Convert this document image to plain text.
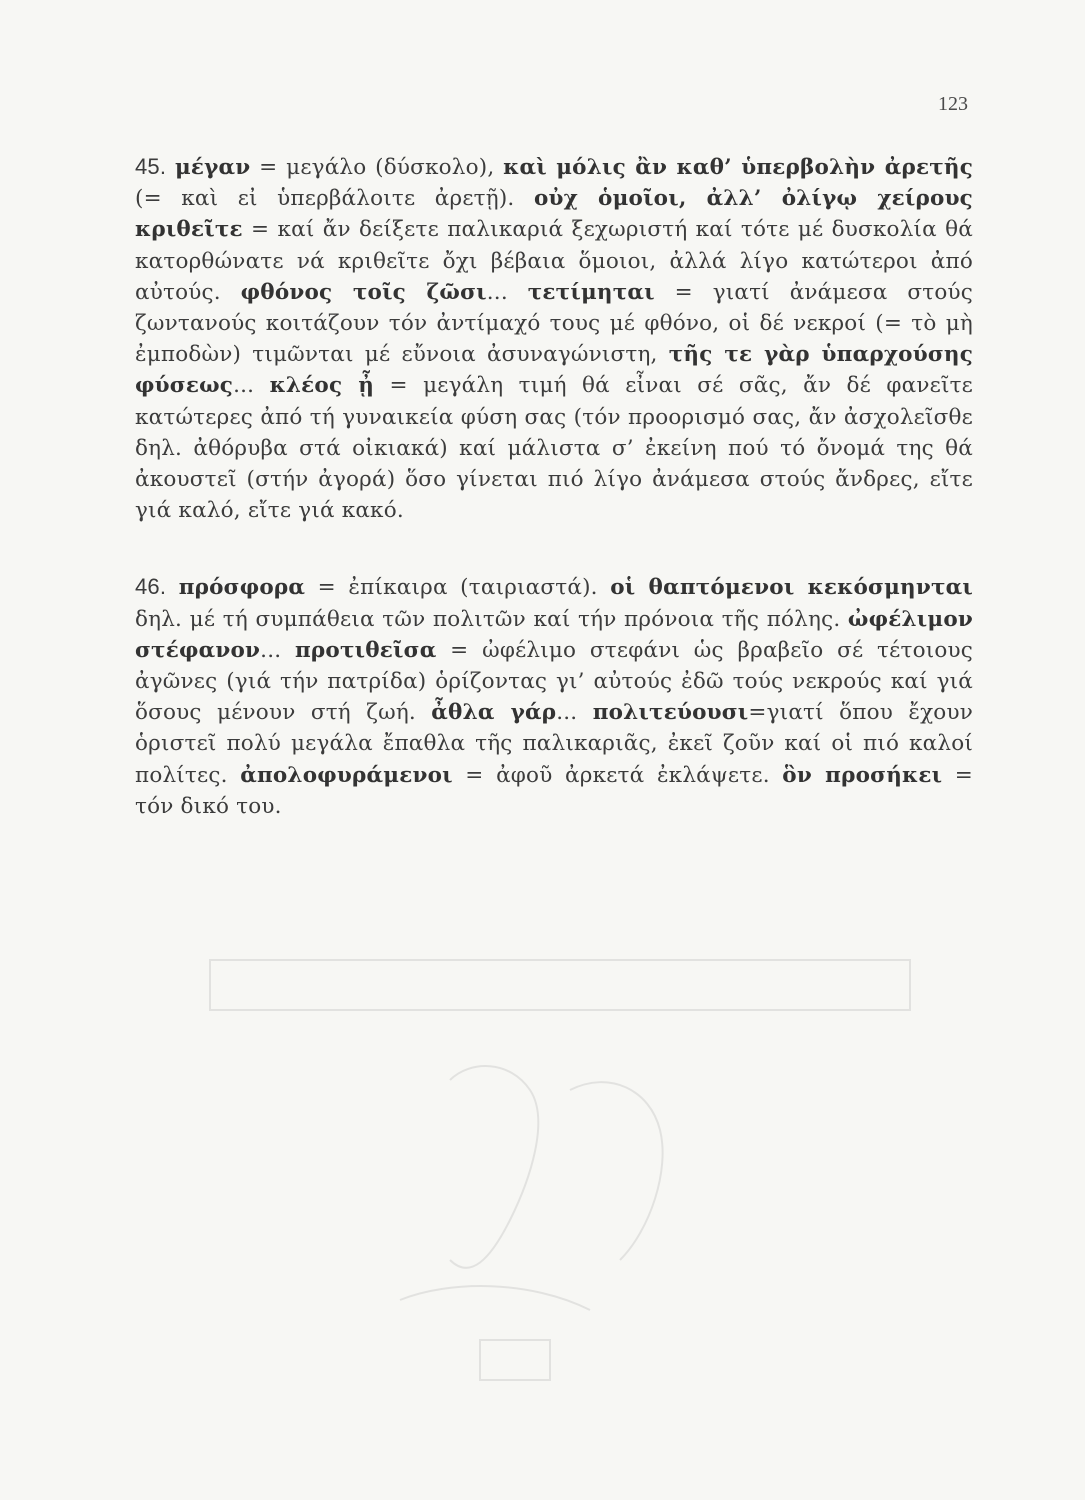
123

45. μέγαν = μεγάλο (δύσκολο), καὶ μόλις ἂν καθ’ ὑπερβολὴν ἀρετῆς (= καὶ εἰ ὑπερβάλοιτε ἀρετῇ). οὐχ ὁμοῖοι, ἀλλ’ ὀλίγῳ χείρους κριθεῖτε = καί ἄν δείξετε παλικαριά ξεχωριστή καί τότε μέ δυσκολία θά κατορθώνατε νά κριθεῖτε ὄχι βέβαια ὅμοιοι, ἀλλά λίγο κατώτεροι ἀπό αὐτούς. φθόνος τοῖς ζῶσι... τετίμηται = γιατί ἀνάμεσα στούς ζωντανούς κοιτάζουν τόν ἀντίμαχό τους μέ φθόνο, οἱ δέ νεκροί (= τὸ μὴ ἐμποδὼν) τιμῶνται μέ εὔνοια ἀσυναγώνιστη, τῆς τε γὰρ ὑπαρχούσης φύσεως... κλέος ᾖ = μεγάλη τιμή θά εἶναι σέ σᾶς, ἄν δέ φανεῖτε κατώτερες ἀπό τή γυναικεία φύση σας (τόν προορισμό σας, ἄν ἀσχολεῖσθε δηλ. ἀθόρυβα στά οἰκιακά) καί μάλιστα σ’ ἐκείνη πού τό ὄνομά της θά ἀκουστεῖ (στήν ἀγορά) ὅσο γίνεται πιό λίγο ἀνάμεσα στούς ἄνδρες, εἴτε γιά καλό, εἴτε γιά κακό.

46. πρόσφορα = ἐπίκαιρα (ταιριαστά). οἱ θαπτόμενοι κεκόσμηνται δηλ. μέ τή συμπάθεια τῶν πολιτῶν καί τήν πρόνοια τῆς πόλης. ὠφέλιμον στέφανον... προτιθεῖσα = ὠφέλιμο στεφάνι ὡς βραβεῖο σέ τέτοιους ἀγῶνες (γιά τήν πατρίδα) ὁρίζοντας γι’ αὐτούς ἐδῶ τούς νεκρούς καί γιά ὅσους μένουν στή ζωή. ἆθλα γάρ... πολιτεύουσι=γιατί ὅπου ἔχουν ὁριστεῖ πολύ μεγάλα ἔπαθλα τῆς παλικαριᾶς, ἐκεῖ ζοῦν καί οἱ πιό καλοί πολίτες. ἀπολοφυράμενοι = ἀφοῦ ἀρκετά ἐκλάψετε. ὃν προσήκει = τόν δικό του.
